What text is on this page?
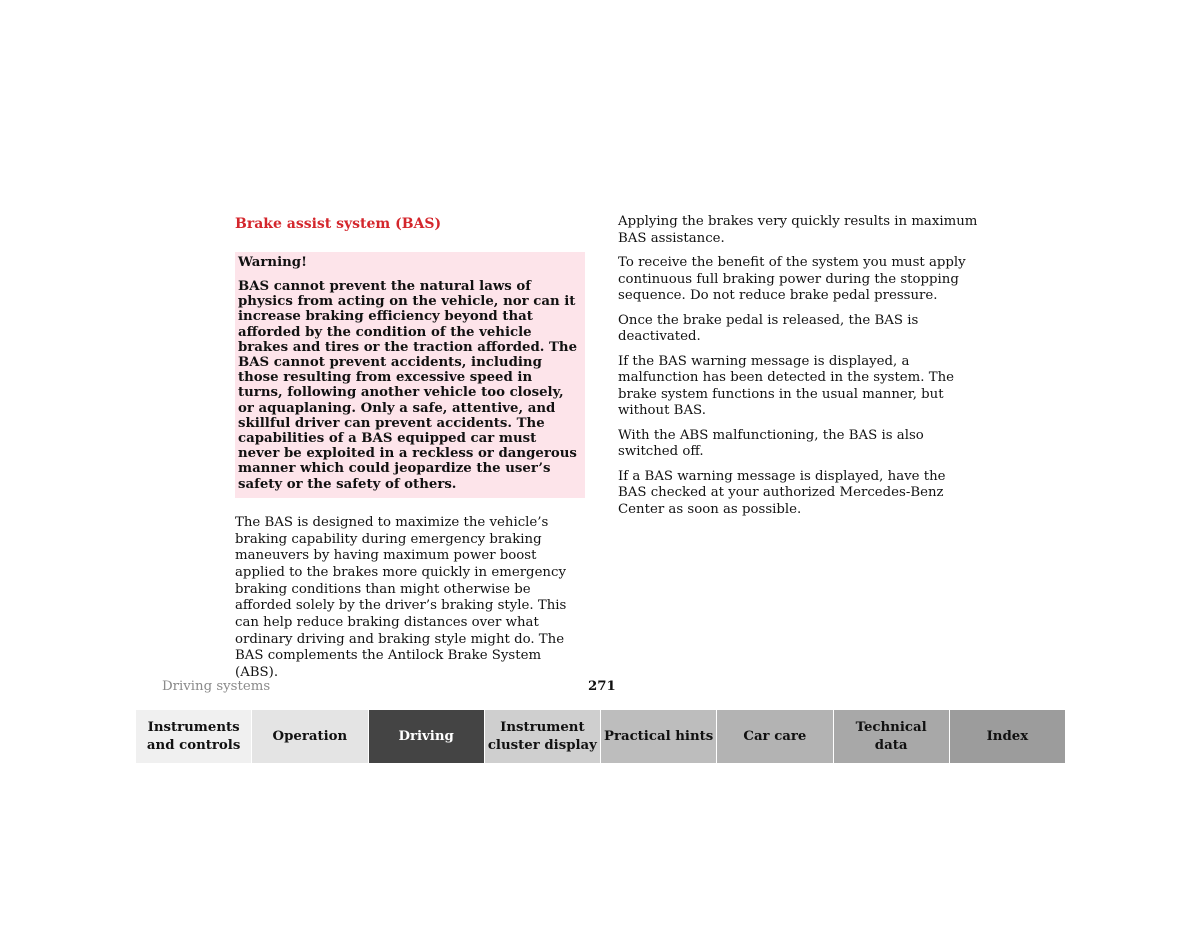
Brake assist system (BAS)
Warning!

BAS cannot prevent the natural laws of physics from acting on the vehicle, nor can it increase braking efficiency beyond that afforded by the condition of the vehicle brakes and tires or the traction afforded. The BAS cannot prevent accidents, including those resulting from excessive speed in turns, following another vehicle too closely, or aquaplaning. Only a safe, attentive, and skillful driver can prevent accidents. The capabilities of a BAS equipped car must never be exploited in a reckless or dangerous manner which could jeopardize the user’s safety or the safety of others.

The BAS is designed to maximize the vehicle’s braking capability during emergency braking maneuvers by having maximum power boost applied to the brakes more quickly in emergency braking conditions than might otherwise be afforded solely by the driver’s braking style. This can help reduce braking distances over what ordinary driving and braking style might do. The BAS complements the Antilock Brake System (ABS).

Applying the brakes very quickly results in maximum BAS assistance.

To receive the benefit of the system you must apply continuous full braking power during the stopping sequence. Do not reduce brake pedal pressure.

Once the brake pedal is released, the BAS is deactivated.

If the BAS warning message is displayed, a malfunction has been detected in the system. The brake system functions in the usual manner, but without BAS.

With the ABS malfunctioning, the BAS is also switched off.

If a BAS warning message is displayed, have the BAS checked at your authorized Mercedes-Benz Center as soon as possible.

Driving systems	271
Instruments
and controls
Operation	Driving
Instrument
cluster display
Practical hints Car care
Technical
data
Index
